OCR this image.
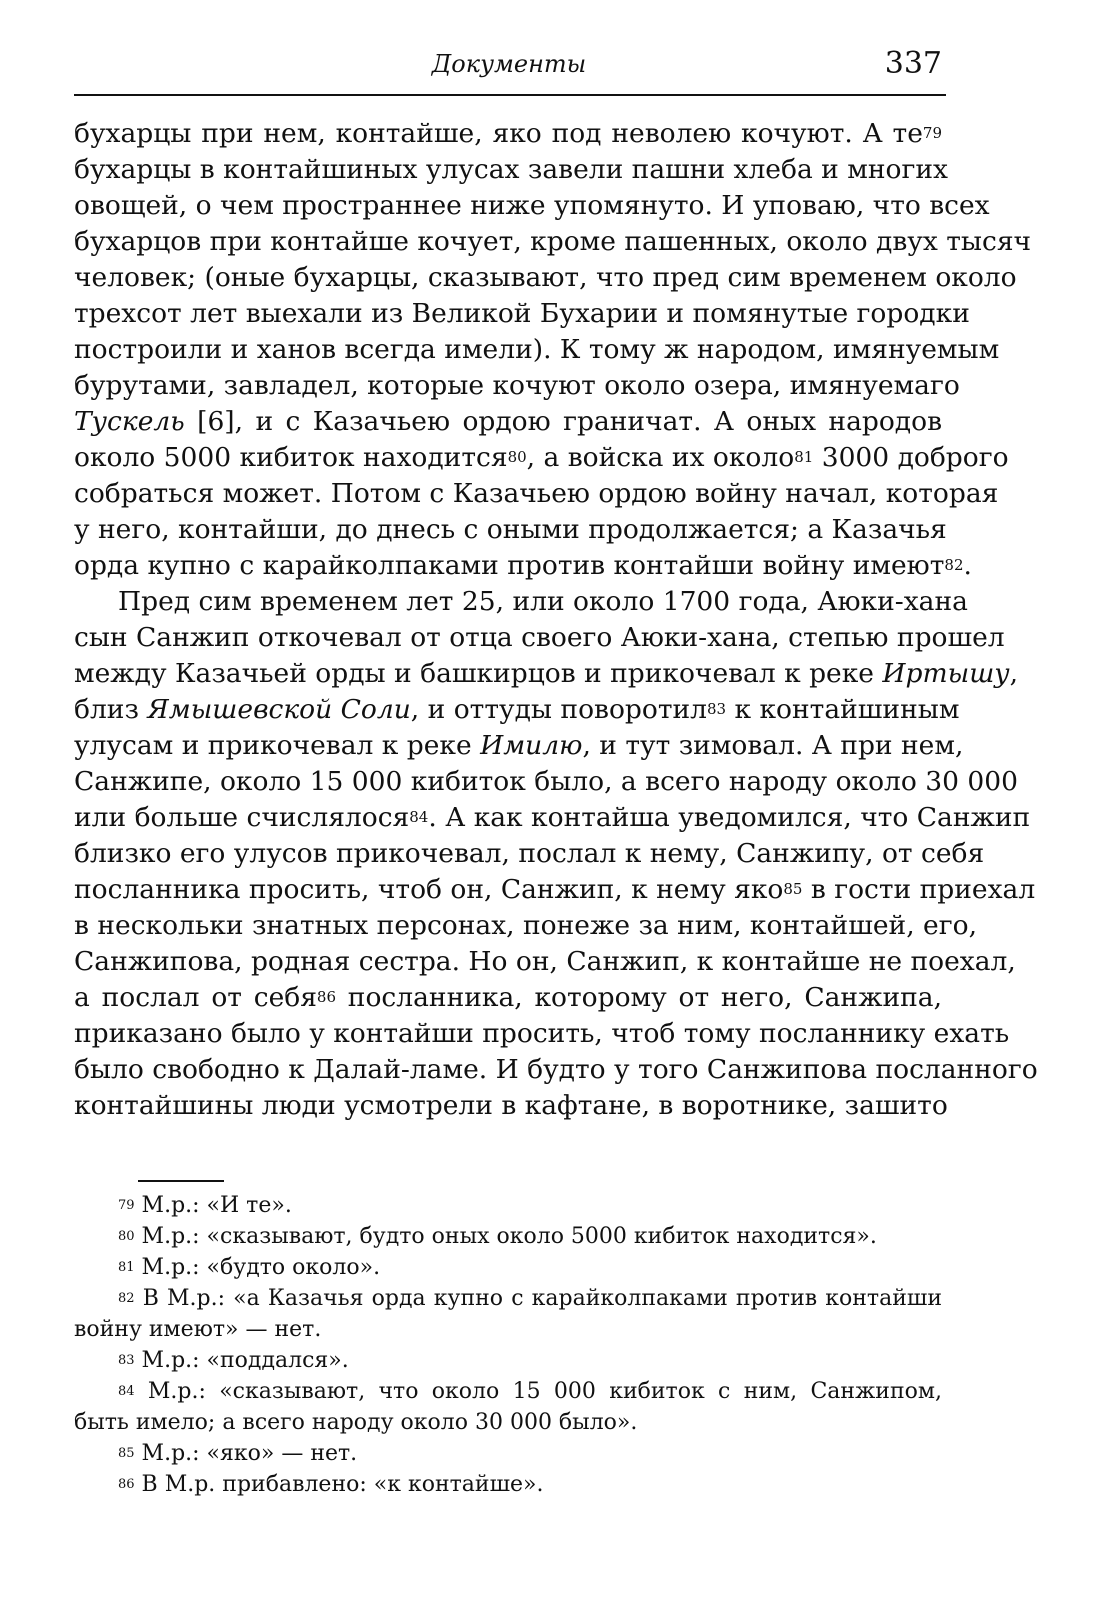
Документы	337
бухарцы при нем, контайше, яко под неволею кочуют. А $те^{79}$
бухарцы в контайшиных улусах завели пашни хлеба и многих
овощей, о чем пространнее ниже упомянуто. И уповаю, что всех
бухарцов при контайше кочует, кроме пашенных, около двух тысяч
человек; (оные бухарцы, сказывают, что пред сим временем около
трехсот лет выехали из Великой Бухарии и помянутые городки
построили и ханов всегда имели). К тому ж народом, имянуемым
бурутами, завладел, которые кочуют около озера, имянуемаго
Тускель [6], и с Казачьею ордою граничат. А оных народов
около 5000 кибиток находится$^{80}$, а войска их около$^{81}$ 3000 доброго
собраться может. Потом с Казачьею ордою войну начал, которая
у него, контайши, до днесь с оными продолжается; а Казачья
орда купно с карайколпаками против контайши войну имеют$^{82}$.
Пред сим временем лет 25, или около 1700 года, Аюки-хана
сын Санжип откочевал от отца своего Аюки-хана, степью прошел
между Казачьей орды и башкирцов и прикочевал к реке Иртышу,
близ Ямышевской Соли, и оттуды поворотил$^{83}$ к контайшиным
улусам и прикочевал к реке Имилю, и тут зимовал. А при нем,
Санжипе, около 15 000 кибиток было, а всего народу около 30 000
или больше счислялося$^{84}$. А как контайша уведомился, что Санжип
близко его улусов прикочевал, послал к нему, Санжипу, от себя
посланника просить, чтоб он, Санжип, к нему яко$^{85}$ в гости приехал
в нескольки знатных персонах, понеже за ним, контайшей, его,
Санжипова, родная сестра. Но он, Санжип, к контайше не поехал,
а послал от себя$^{86}$ посланника, которому от него, Санжипа,
приказано было у контайши просить, чтоб тому посланнику ехать
было свободно к Далай-ламе. И будто у того Санжипова посланного
контайшины люди усмотрели в кафтане, в воротнике, зашито
$^{79}$ М.р.: «И те».
$^{80}$ М.р.: «сказывают, будто оных около 5000 кибиток находится».
$^{81}$ М.р.: «будто около».
$^{82}$ В М.р.: «а Казачья орда купно с карайколпаками против контайши
войну имеют» — нет.
$^{83}$ М.р.: «поддался».
$^{84}$ М.р.: «сказывают, что около 15 000 кибиток с ним, Санжипом,
быть имело; а всего народу около 30 000 было».
$^{85}$ М.р.: «яко» — нет.
$^{86}$ В М.р. прибавлено: «к контайше».
